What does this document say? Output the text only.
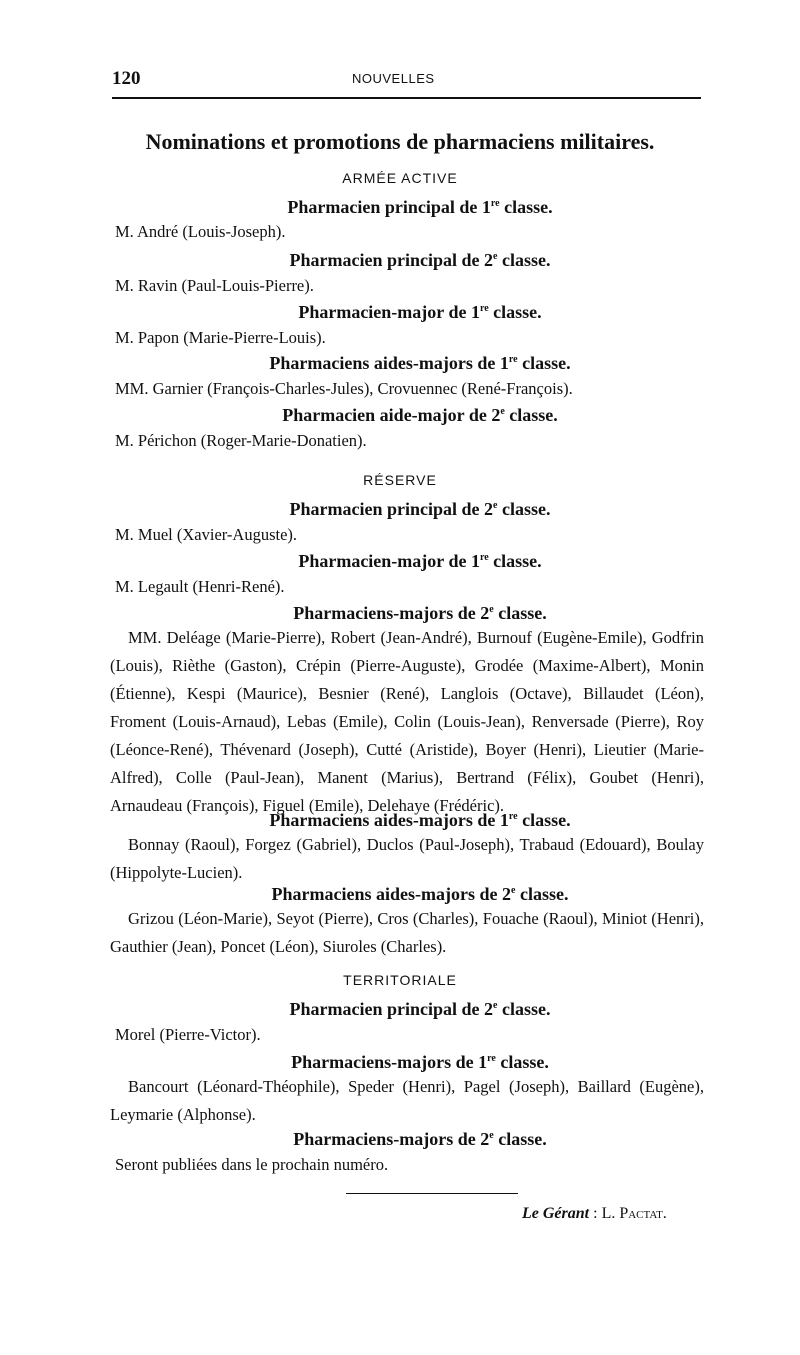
120	NOUVELLES
Nominations et promotions de pharmaciens militaires.
ARMÉE ACTIVE
Pharmacien principal de 1re classe.
M. André (Louis-Joseph).
Pharmacien principal de 2e classe.
M. Ravin (Paul-Louis-Pierre).
Pharmacien-major de 1re classe.
M. Papon (Marie-Pierre-Louis).
Pharmaciens aides-majors de 1re classe.
MM. Garnier (François-Charles-Jules), Crovuennec (René-François).
Pharmacien aide-major de 2e classe.
M. Périchon (Roger-Marie-Donatien).
RÉSERVE
Pharmacien principal de 2e classe.
M. Muel (Xavier-Auguste).
Pharmacien-major de 1re classe.
M. Legault (Henri-René).
Pharmaciens-majors de 2e classe.
MM. Deléage (Marie-Pierre), Robert (Jean-André), Burnouf (Eugène-Emile), Godfrin (Louis), Rièthe (Gaston), Crépin (Pierre-Auguste), Grodée (Maxime-Albert), Monin (Étienne), Kespi (Maurice), Besnier (René), Langlois (Octave), Billaudet (Léon), Froment (Louis-Arnaud), Lebas (Emile), Colin (Louis-Jean), Renversade (Pierre), Roy (Léonce-René), Thévenard (Joseph), Cutté (Aristide), Boyer (Henri), Lieutier (Marie-Alfred), Colle (Paul-Jean), Manent (Marius), Bertrand (Félix), Goubet (Henri), Arnaudeau (François), Figuel (Emile), Delehaye (Frédéric).
Pharmaciens aides-majors de 1re classe.
Bonnay (Raoul), Forgez (Gabriel), Duclos (Paul-Joseph), Trabaud (Edouard), Boulay (Hippolyte-Lucien).
Pharmaciens aides-majors de 2e classe.
Grizou (Léon-Marie), Seyot (Pierre), Cros (Charles), Fouache (Raoul), Miniot (Henri), Gauthier (Jean), Poncet (Léon), Siuroles (Charles).
TERRITORIALE
Pharmacien principal de 2e classe.
Morel (Pierre-Victor).
Pharmaciens-majors de 1re classe.
Bancourt (Léonard-Théophile), Speder (Henri), Pagel (Joseph), Baillard (Eugène), Leymarie (Alphonse).
Pharmaciens-majors de 2e classe.
Seront publiées dans le prochain numéro.
Le Gérant : L. Pactat.
